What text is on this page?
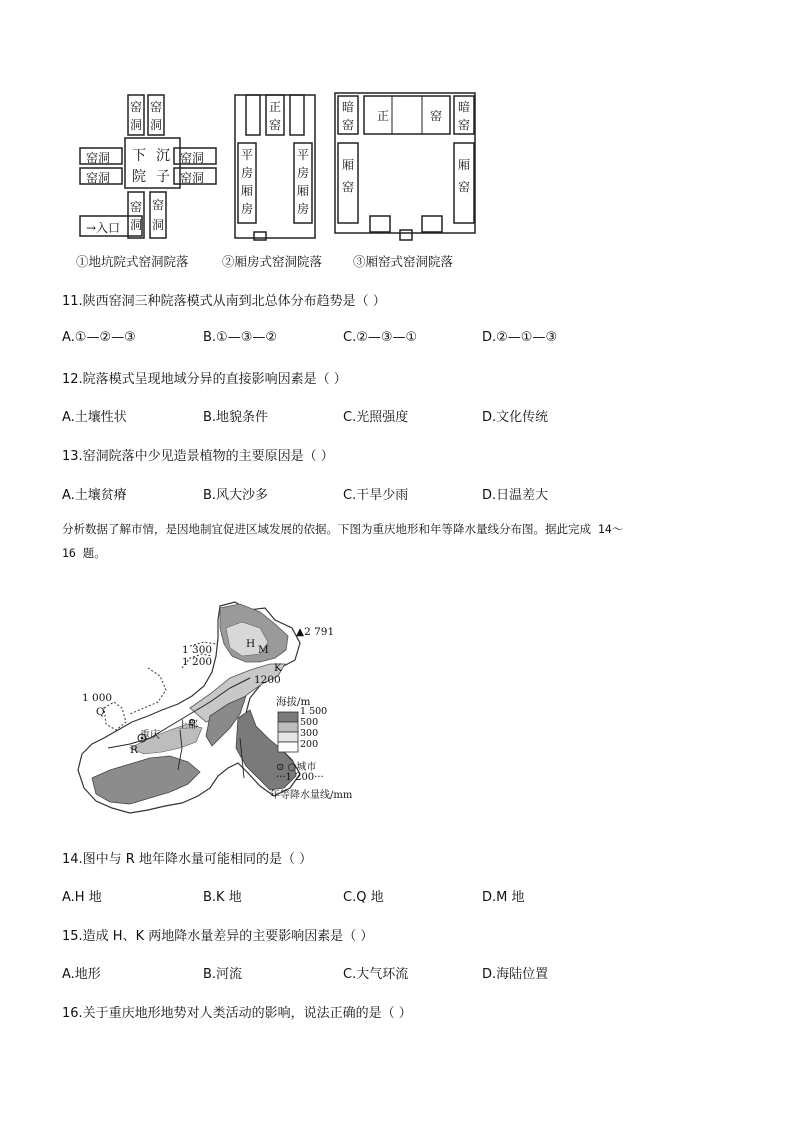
窑
洞
窑
洞
窑洞
窑洞
窑洞
窑洞
窑
洞
窑
洞
下 沉
院 子
→入口
正
窑
平
房
厢
房
平
房
厢
房
暗
窑
正	窑
暗
窑
厢
窑
厢
窑
①地坑院式窑洞院落	②厢房式窑洞院落 ③厢窑式窑洞院落
11.陕西窑洞三种院落模式从南到北总体分布趋势是（ ）
A.①—②—③	B.①—③—②	C.②—③—①	D.②—①—③
12.院落模式呈现地域分异的直接影响因素是（ ）
A.土壤性状	B.地貌条件	C.光照强度	D.文化传统
13.窑洞院落中少见造景植物的主要原因是（ ）
A.土壤贫瘠	B.风大沙多	C.干旱少雨	D.日温差大
分析数据了解市情，是因地制宜促进区域发展的依据。下图为重庆地形和年等降水量线分布图。据此完成 14～
16 题。
▲2 791
1 300
1 200
1 000
1200
H
K
M
Q
R
上都
重庆
海拔/m
1 500
500
300
200
⊙ ○城市
···1 200···
年等降水量线/mm
14.图中与 R 地年降水量可能相同的是（ ）
A.H 地	B.K 地	C.Q 地	D.M 地
15.造成 H、K 两地降水量差异的主要影响因素是（ ）
A.地形	B.河流	C.大气环流	D.海陆位置
16.关于重庆地形地势对人类活动的影响，说法正确的是（ ）
